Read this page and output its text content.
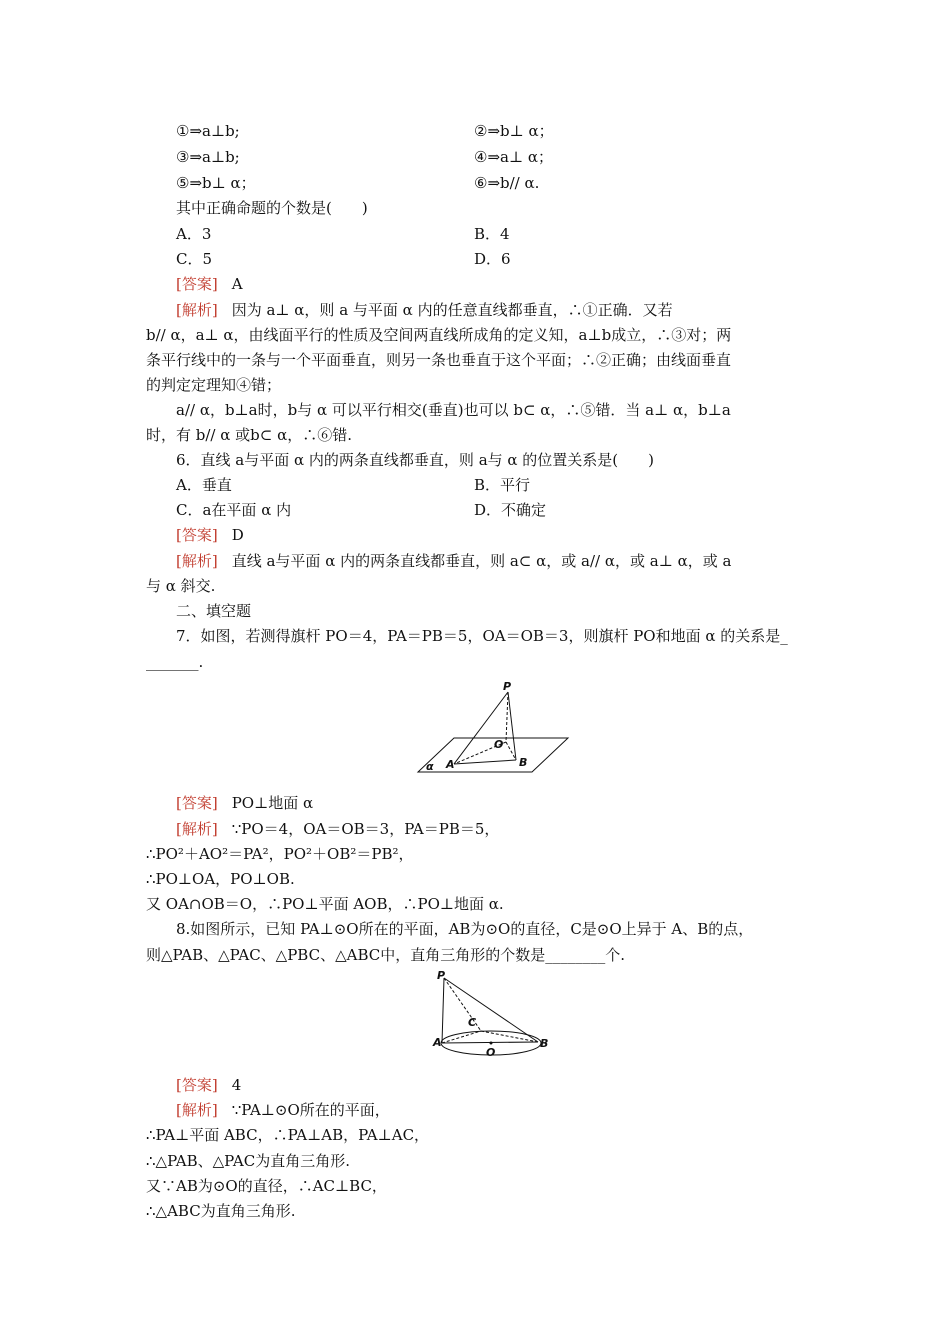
①⇒a⊥b;	②⇒b⊥ α；
③⇒a⊥b;	④⇒a⊥ α；
⑤⇒b⊥ α；	⑥⇒b// α.
其中正确命题的个数是(　　)
A．3	B．4
C．5	D．6
[答案] A
[解析] 因为 a⊥ α，则 a 与平面 α 内的任意直线都垂直，∴①正确．又若
b// α，a⊥ α，由线面平行的性质及空间两直线所成角的定义知，a⊥b成立，∴③对；两
条平行线中的一条与一个平面垂直，则另一条也垂直于这个平面；∴②正确；由线面垂直
的判定定理知④错；
a// α，b⊥a时，b与 α 可以平行相交(垂直)也可以 b⊂ α，∴⑤错．当 a⊥ α，b⊥a
时，有 b// α 或b⊂ α，∴⑥错.
6．直线 a与平面 α 内的两条直线都垂直，则 a与 α 的位置关系是(　　)
A．垂直	B．平行
C．a在平面 α 内	D．不确定
[答案] D
[解析] 直线 a与平面 α 内的两条直线都垂直，则 a⊂ α，或 a// α，或 a⊥ α，或 a
与 α 斜交.
二、填空题
7．如图，若测得旗杆 PO＝4，PA＝PB＝5，OA＝OB＝3，则旗杆 PO和地面 α 的关系是_
_______.
P
O
A	B
α
[答案] PO⊥地面 α
[解析] ∵PO＝4，OA＝OB＝3，PA＝PB＝5，
∴PO²＋AO²＝PA²，PO²＋OB²＝PB²，
∴PO⊥OA，PO⊥OB.
又 OA∩OB＝O，∴PO⊥平面 AOB，∴PO⊥地面 α.
8.如图所示，已知 PA⊥⊙O所在的平面，AB为⊙O的直径，C是⊙O上异于 A、B的点，
则△PAB、△PAC、△PBC、△ABC中，直角三角形的个数是________个.
P
C
A
O
B
[答案] 4
[解析] ∵PA⊥⊙O所在的平面，
∴PA⊥平面 ABC，∴PA⊥AB，PA⊥AC，
∴△PAB、△PAC为直角三角形.
又∵AB为⊙O的直径，∴AC⊥BC，
∴△ABC为直角三角形.
